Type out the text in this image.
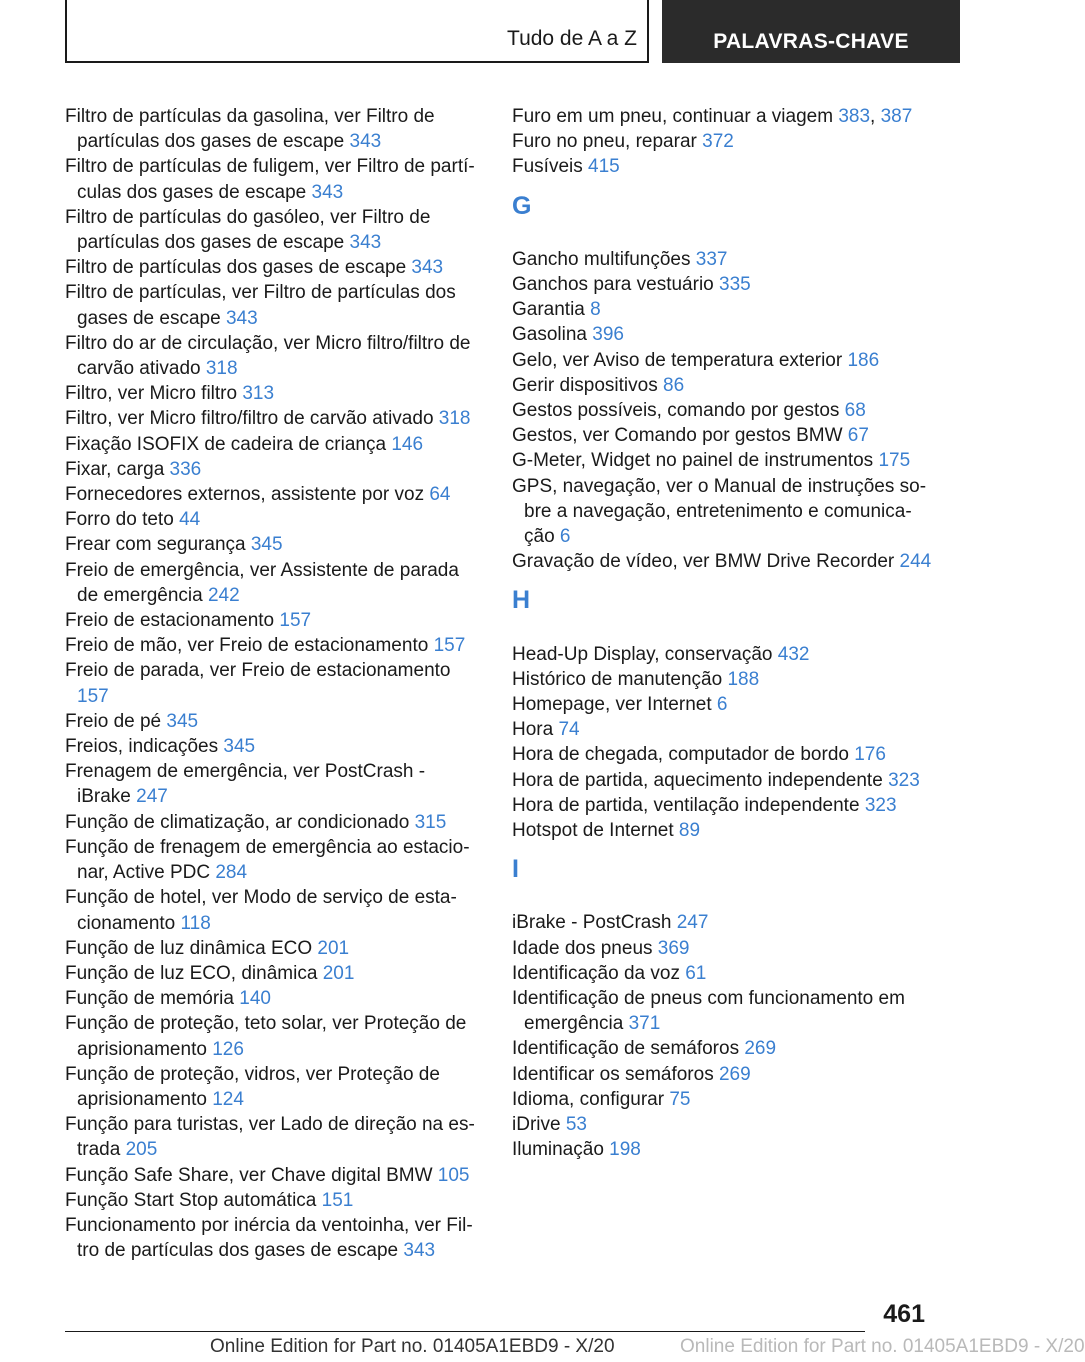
Tudo de A a Z	PALAVRAS-CHAVE

Filtro de partículas da gasolina, ver Filtro de partículas dos gases de escape 343

Filtro de partículas de fuligem, ver Filtro de partículas dos gases de escape 343

Filtro de partículas do gasóleo, ver Filtro de partículas dos gases de escape 343

Filtro de partículas dos gases de escape 343

Filtro de partículas, ver Filtro de partículas dos gases de escape 343

Filtro do ar de circulação, ver Micro filtro/filtro de carvão ativado 318

Filtro, ver Micro filtro 313

Filtro, ver Micro filtro/filtro de carvão ativado 318

Fixação ISOFIX de cadeira de criança 146

Fixar, carga 336

Fornecedores externos, assistente por voz 64

Forro do teto 44

Frear com segurança 345

Freio de emergência, ver Assistente de parada de emergência 242

Freio de estacionamento 157

Freio de mão, ver Freio de estacionamento 157

Freio de parada, ver Freio de estacionamento 157

Freio de pé 345

Freios, indicações 345

Frenagem de emergência, ver PostCrash - iBrake 247

Função de climatização, ar condicionado 315

Função de frenagem de emergência ao estacionar, Active PDC 284

Função de hotel, ver Modo de serviço de estacionamento 118

Função de luz dinâmica ECO 201

Função de luz ECO, dinâmica 201

Função de memória 140

Função de proteção, teto solar, ver Proteção de aprisionamento 126

Função de proteção, vidros, ver Proteção de aprisionamento 124

Função para turistas, ver Lado de direção na estrada 205

Função Safe Share, ver Chave digital BMW 105

Função Start Stop automática 151

Funcionamento por inércia da ventoinha, ver Filtro de partículas dos gases de escape 343

Furo em um pneu, continuar a viagem 383, 387

Furo no pneu, reparar 372

Fusíveis 415

G

Gancho multifunções 337

Ganchos para vestuário 335

Garantia 8

Gasolina 396

Gelo, ver Aviso de temperatura exterior 186

Gerir dispositivos 86

Gestos possíveis, comando por gestos 68

Gestos, ver Comando por gestos BMW 67

G-Meter, Widget no painel de instrumentos 175

GPS, navegação, ver o Manual de instruções sobre a navegação, entretenimento e comunicação 6

Gravação de vídeo, ver BMW Drive Recorder 244

H

Head-Up Display, conservação 432

Histórico de manutenção 188

Homepage, ver Internet 6

Hora 74

Hora de chegada, computador de bordo 176

Hora de partida, aquecimento independente 323

Hora de partida, ventilação independente 323

Hotspot de Internet 89

I

iBrake - PostCrash 247

Idade dos pneus 369

Identificação da voz 61

Identificação de pneus com funcionamento em emergência 371

Identificação de semáforos 269

Identificar os semáforos 269

Idioma, configurar 75

iDrive 53

Iluminação 198

461
Online Edition for Part no. 01405A1EBD9 - X/20	Online Edition for Part no. 01405A1EBD9 - X/20
